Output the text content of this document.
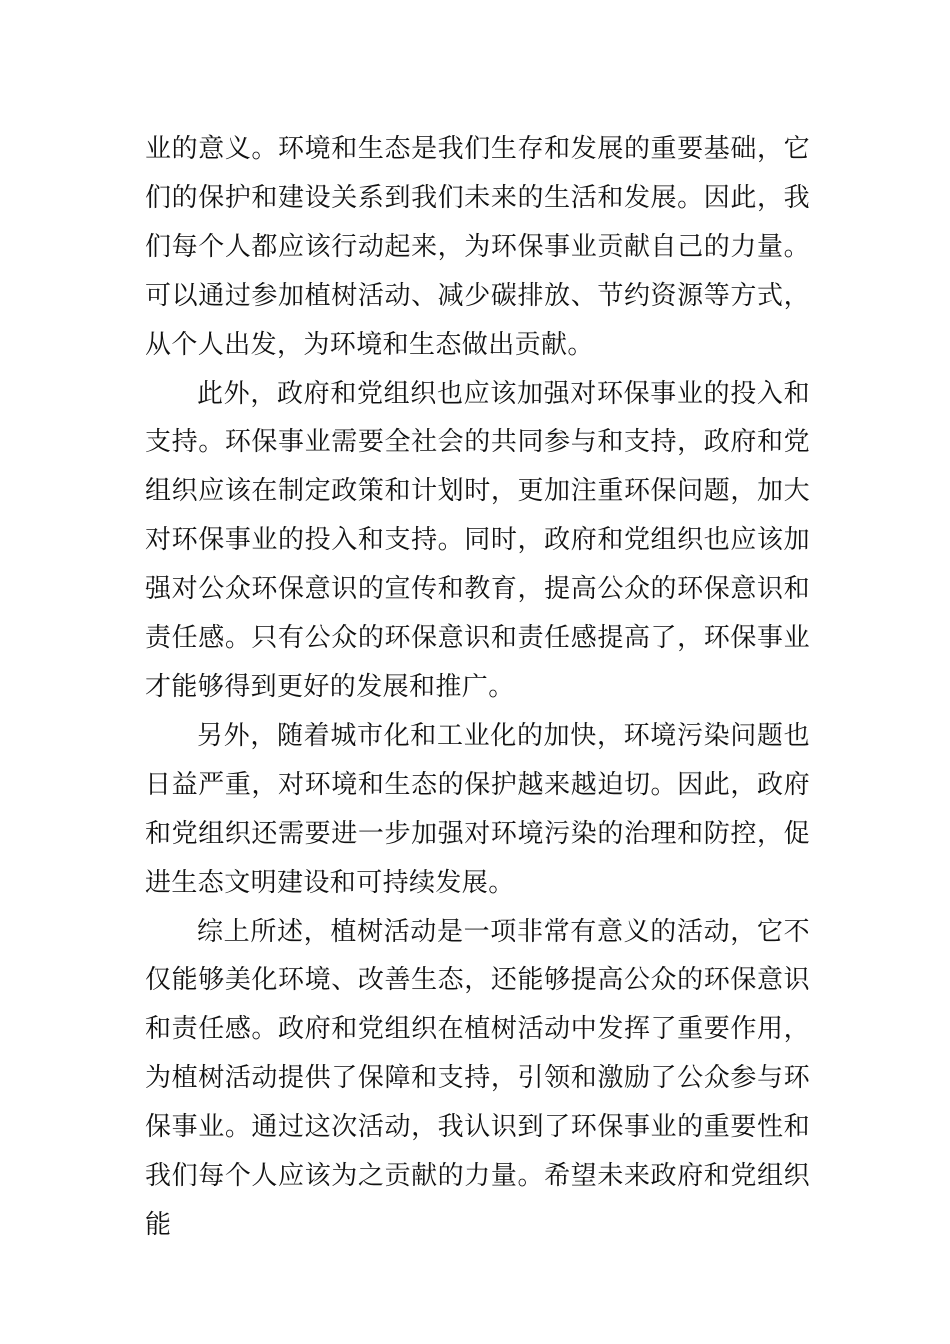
业的意义。环境和生态是我们生存和发展的重要基础，它们的保护和建设关系到我们未来的生活和发展。因此，我们每个人都应该行动起来，为环保事业贡献自己的力量。可以通过参加植树活动、减少碳排放、节约资源等方式，从个人出发，为环境和生态做出贡献。

此外，政府和党组织也应该加强对环保事业的投入和支持。环保事业需要全社会的共同参与和支持，政府和党组织应该在制定政策和计划时，更加注重环保问题，加大对环保事业的投入和支持。同时，政府和党组织也应该加强对公众环保意识的宣传和教育，提高公众的环保意识和责任感。只有公众的环保意识和责任感提高了，环保事业才能够得到更好的发展和推广。

另外，随着城市化和工业化的加快，环境污染问题也日益严重，对环境和生态的保护越来越迫切。因此，政府和党组织还需要进一步加强对环境污染的治理和防控，促进生态文明建设和可持续发展。

综上所述，植树活动是一项非常有意义的活动，它不仅能够美化环境、改善生态，还能够提高公众的环保意识和责任感。政府和党组织在植树活动中发挥了重要作用，为植树活动提供了保障和支持，引领和激励了公众参与环保事业。通过这次活动，我认识到了环保事业的重要性和我们每个人应该为之贡献的力量。希望未来政府和党组织能
